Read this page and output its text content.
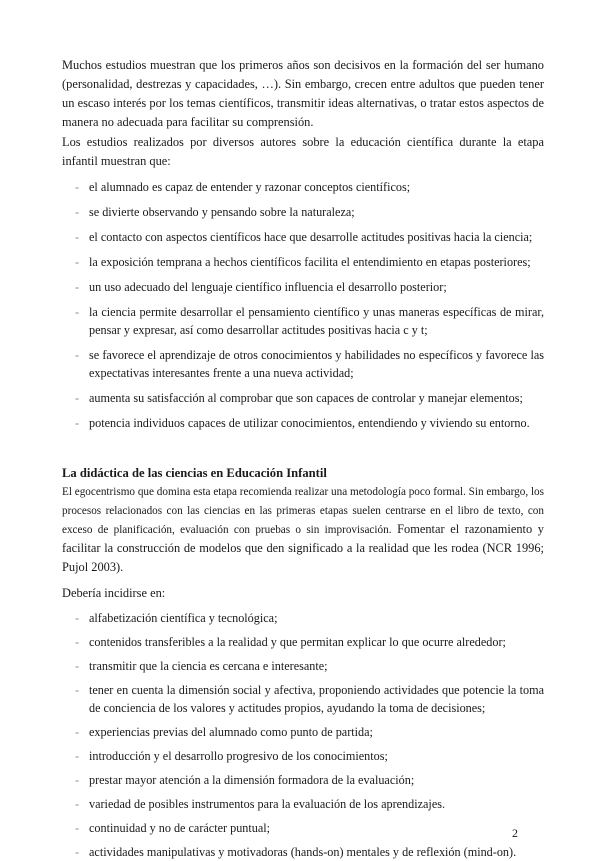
Muchos estudios muestran que los primeros años son decisivos en la formación del ser humano (personalidad, destrezas y capacidades, …). Sin embargo, crecen entre adultos que pueden tener un escaso interés por los temas científicos, transmitir ideas alternativas, o tratar estos aspectos de manera no adecuada para facilitar su comprensión.

Los estudios realizados por diversos autores sobre la educación científica durante la etapa infantil muestran que:

- el alumnado es capaz de entender y razonar conceptos científicos;
- se divierte observando y pensando sobre la naturaleza;
- el contacto con aspectos científicos hace que desarrolle actitudes positivas hacia la ciencia;
- la exposición temprana a hechos científicos facilita el entendimiento en etapas posteriores;
- un uso adecuado del lenguaje científico influencia el desarrollo posterior;
- la ciencia permite desarrollar el pensamiento científico y unas maneras específicas de mirar, pensar y expresar, así como desarrollar actitudes positivas hacia c y t;
- se favorece el aprendizaje de otros conocimientos y habilidades no específicos y favorece las expectativas interesantes frente a una nueva actividad;
- aumenta su satisfacción al comprobar que son capaces de controlar y manejar elementos;
- potencia individuos capaces de utilizar conocimientos, entendiendo y viviendo su entorno.
La didáctica de las ciencias en Educación Infantil

El egocentrismo que domina esta etapa recomienda realizar una metodología poco formal. Sin embargo, los procesos relacionados con las ciencias en las primeras etapas suelen centrarse en el libro de texto, con exceso de planificación, evaluación con pruebas o sin improvisación. Fomentar el razonamiento y facilitar la construcción de modelos que den significado a la realidad que les rodea (NCR 1996; Pujol 2003).

Debería incidirse en:

- alfabetización científica y tecnológica;
- contenidos transferibles a la realidad y que permitan explicar lo que ocurre alrededor;
- transmitir que la ciencia es cercana e interesante;
- tener en cuenta la dimensión social y afectiva, proponiendo actividades que potencie la toma de conciencia de los valores y actitudes propios, ayudando la toma de decisiones;
- experiencias previas del alumnado como punto de partida;
- introducción y el desarrollo progresivo de los conocimientos;
- prestar mayor atención a la dimensión formadora de la evaluación;
- variedad de posibles instrumentos para la evaluación de los aprendizajes.
- continuidad y no de carácter puntual;
- actividades manipulativas y motivadoras (hands-on) mentales y de reflexión (mind-on).
2
